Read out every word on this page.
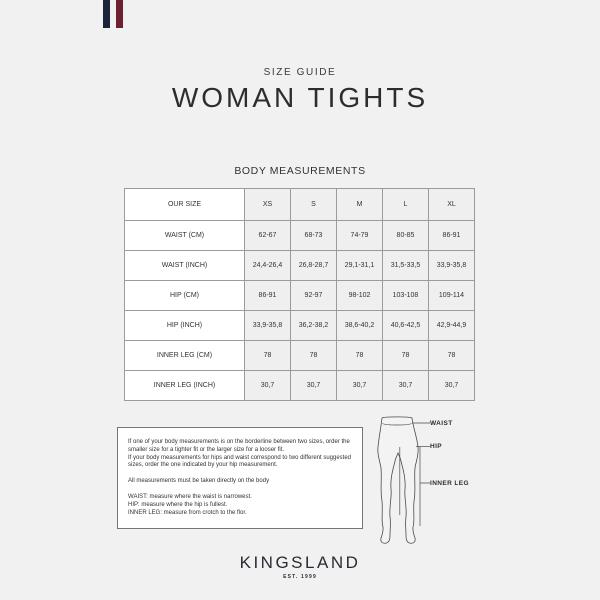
SIZE GUIDE
WOMAN TIGHTS
BODY MEASUREMENTS
OUR SIZE	XS	S	M	L	XL
WAIST (CM)	62-67	68-73	74-79	80-85	86-91
WAIST (INCH)	24,4-26,4	26,8-28,7	29,1-31,1	31,5-33,5	33,9-35,8
HIP (CM)	86-91	92-97	98-102	103-108	109-114
HIP (INCH)	33,9-35,8	36,2-38,2	38,6-40,2	40,6-42,5	42,9-44,9
INNER LEG (CM)	78	78	78	78	78
INNER LEG (INCH)	30,7	30,7	30,7	30,7	30,7
If one of your body measurements is on the borderline between two sizes, order the smaller size for a tighter fit or the larger size for a looser fit.
If your body measurements for hips and waist correspond to two different suggested sizes, order the one indicated by your hip measurement.
All measurements must be taken directly on the body
WAIST: measure where the waist is narrowest.
HIP: measure where the hip is fullest.
INNER LEG: measure from crotch to the flor.
WAIST
HIP
INNER LEG
KINGSLAND
EST. 1999
